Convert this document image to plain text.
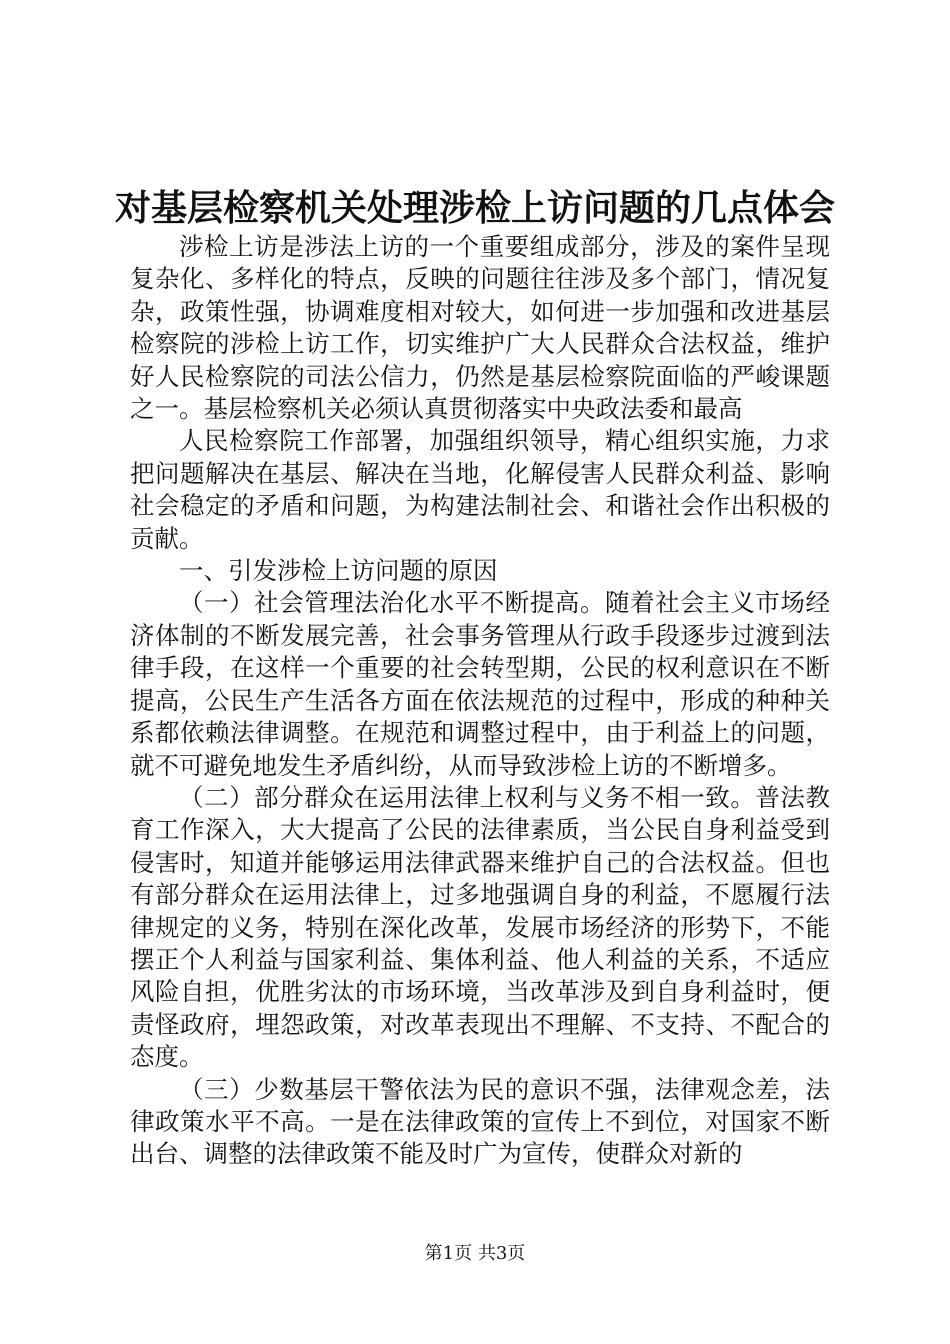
对基层检察机关处理涉检上访问题的几点体会

涉检上访是涉法上访的一个重要组成部分，涉及的案件呈现复杂化、多样化的特点，反映的问题往往涉及多个部门，情况复杂，政策性强，协调难度相对较大，如何进一步加强和改进基层检察院的涉检上访工作，切实维护广大人民群众合法权益，维护好人民检察院的司法公信力，仍然是基层检察院面临的严峻课题之一。基层检察机关必须认真贯彻落实中央政法委和最高

人民检察院工作部署，加强组织领导，精心组织实施，力求把问题解决在基层、解决在当地，化解侵害人民群众利益、影响社会稳定的矛盾和问题，为构建法制社会、和谐社会作出积极的贡献。

一、引发涉检上访问题的原因

（一）社会管理法治化水平不断提高。随着社会主义市场经济体制的不断发展完善，社会事务管理从行政手段逐步过渡到法律手段，在这样一个重要的社会转型期，公民的权利意识在不断提高，公民生产生活各方面在依法规范的过程中，形成的种种关系都依赖法律调整。在规范和调整过程中，由于利益上的问题，就不可避免地发生矛盾纠纷，从而导致涉检上访的不断增多。

（二）部分群众在运用法律上权利与义务不相一致。普法教育工作深入，大大提高了公民的法律素质，当公民自身利益受到侵害时，知道并能够运用法律武器来维护自己的合法权益。但也有部分群众在运用法律上，过多地强调自身的利益，不愿履行法律规定的义务，特别在深化改革，发展市场经济的形势下，不能摆正个人利益与国家利益、集体利益、他人利益的关系，不适应风险自担，优胜劣汰的市场环境，当改革涉及到自身利益时，便责怪政府，埋怨政策，对改革表现出不理解、不支持、不配合的态度。

（三）少数基层干警依法为民的意识不强，法律观念差，法律政策水平不高。一是在法律政策的宣传上不到位，对国家不断出台、调整的法律政策不能及时广为宣传，使群众对新的

第1页 共3页
